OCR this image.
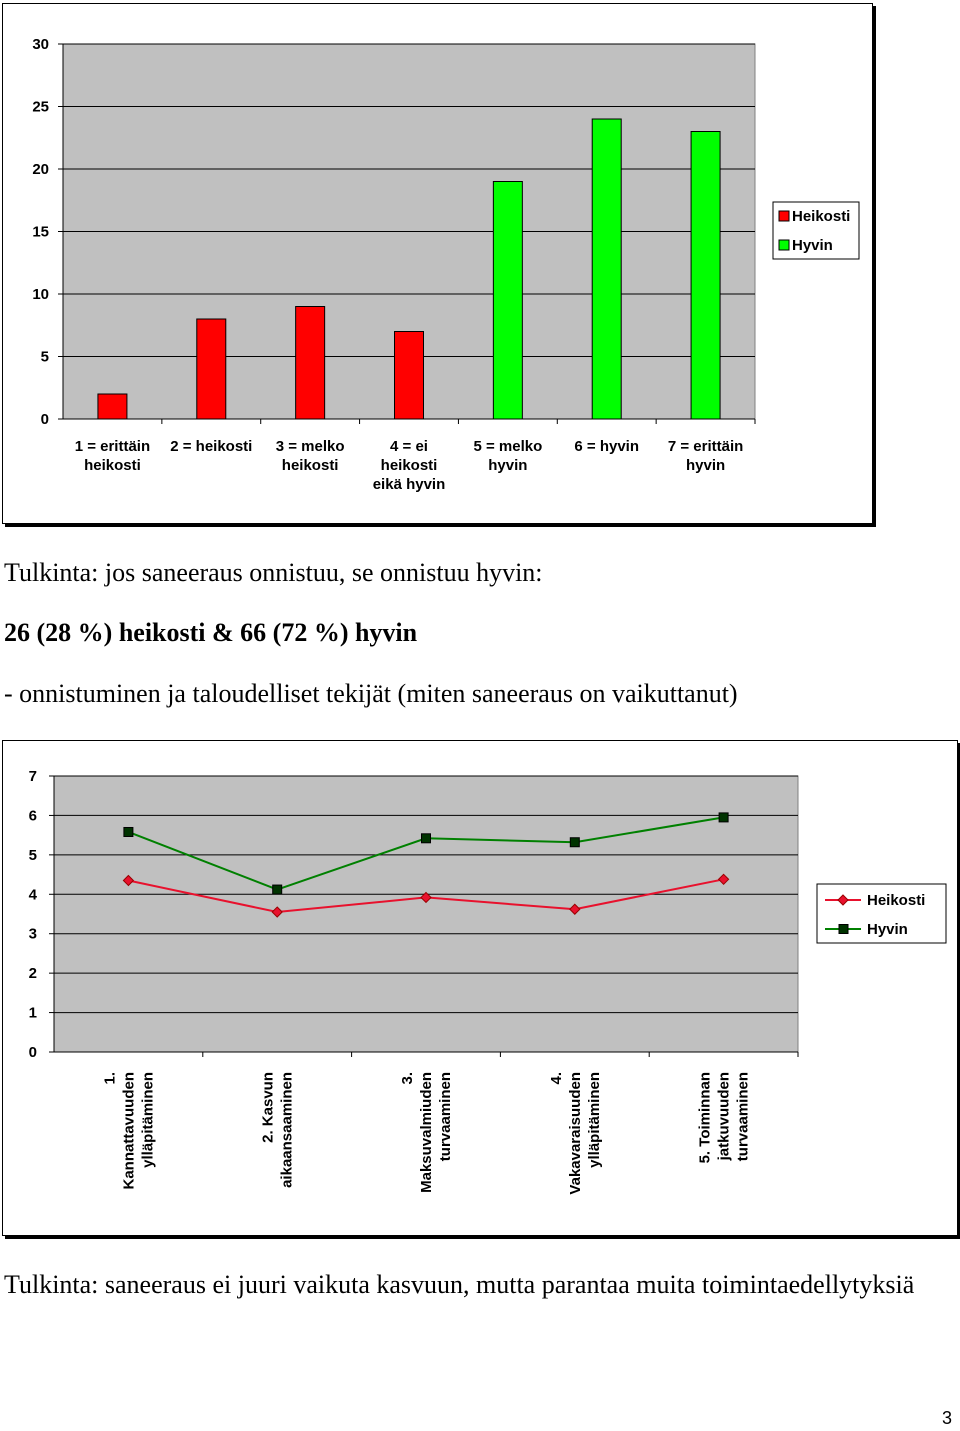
0
5
10
15
20
25
30
1 = erittäin heikosti
2 = heikosti 3 = melko heikosti
4 = ei heikosti eikä hyvin
5 = melko hyvin
6 = hyvin 7 = erittäin hyvin
Heikosti
Hyvin
Tulkinta: jos saneeraus onnistuu, se onnistuu hyvin:
26 (28 %) heikosti & 66 (72 %) hyvin
- onnistuminen ja taloudelliset tekijät (miten saneeraus on vaikuttanut)
0
1
2
3
4
5
6
7
1. Kannattavuuden ylläpitäminen	2. Kasvun aikaansaaminen	3. Maksuvalmiuden turvaaminen	4. Vakavaraisuuden ylläpitäminen	5. Toiminnan jatkuvuuden turvaaminen
Heikosti
Hyvin
Tulkinta: saneeraus ei juuri vaikuta kasvuun, mutta parantaa muita toimintaedellytyksiä
3
